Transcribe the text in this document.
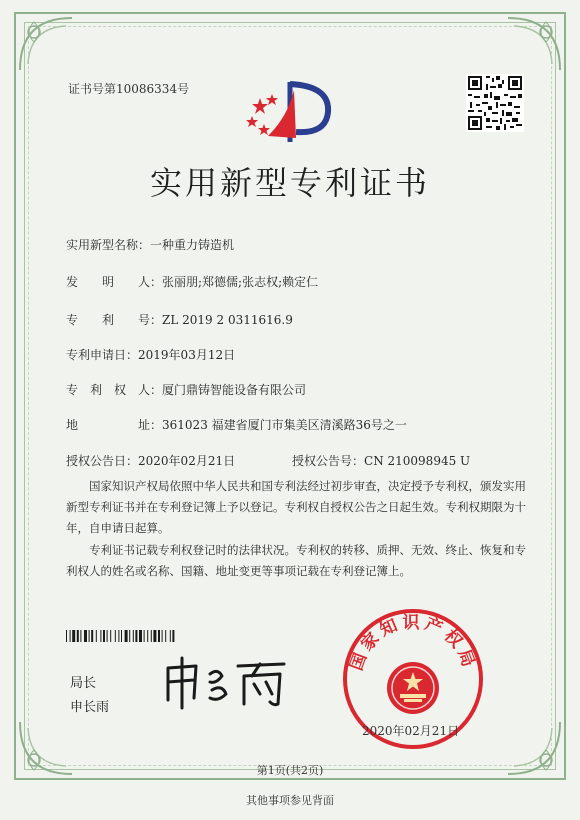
证书号第10086334号
实用新型专利证书
实用新型名称：一种重力铸造机
发　　明　　人：张丽朋;郑德儒;张志权;赖定仁
专　　利　　号：ZL 2019 2 0311616.9
专利申请日：2019年03月12日
专　利　权　人：厦门鼎铸智能设备有限公司
地　　　　　址：361023 福建省厦门市集美区清溪路36号之一
授权公告日：2020年02月21日	授权公告号：CN 210098945 U
国家知识产权局依照中华人民共和国专利法经过初步审查，决定授予专利权，颁发实用新型专利证书并在专利登记簿上予以登记。专利权自授权公告之日起生效。专利权期限为十年，自申请日起算。
专利证书记载专利权登记时的法律状况。专利权的转移、质押、无效、终止、恢复和专利权人的姓名或名称、国籍、地址变更等事项记载在专利登记簿上。
局长
申长雨
国家知识产权局
2020年02月21日
第1页(共2页)
其他事项参见背面
